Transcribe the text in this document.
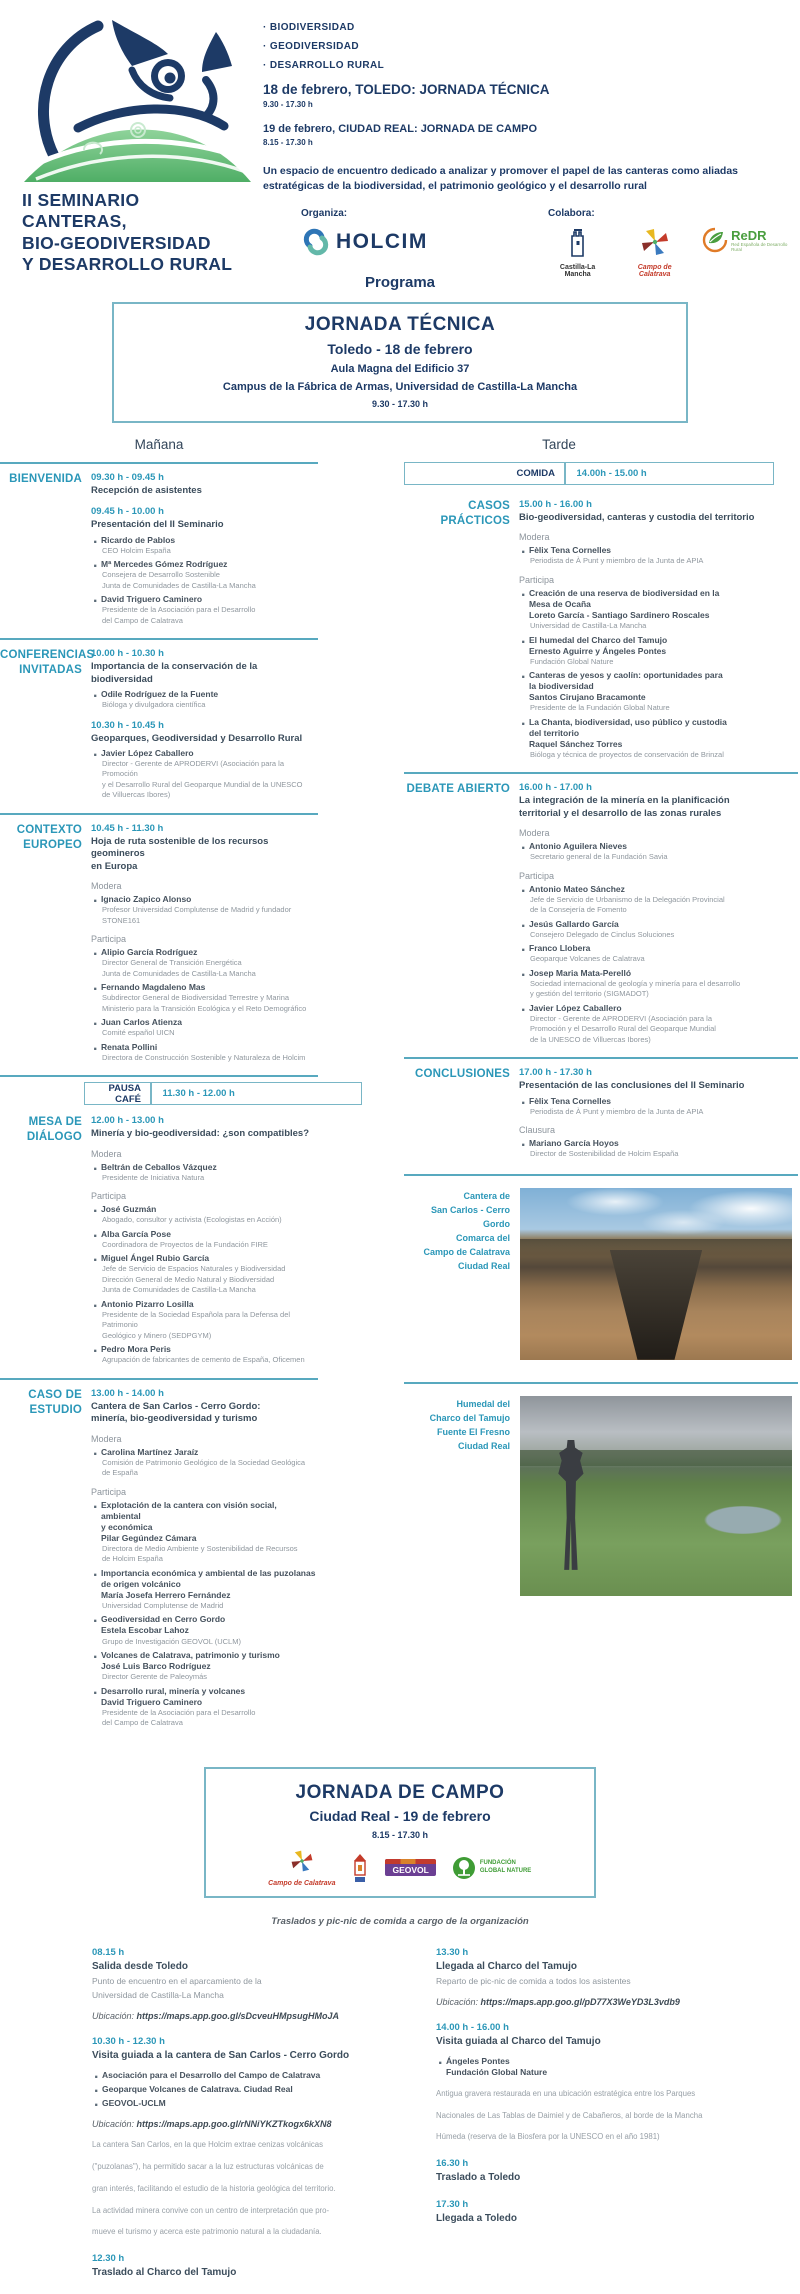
II SEMINARIO
CANTERAS,
BIO-GEODIVERSIDAD
Y DESARROLLO RURAL
· BIODIVERSIDAD
· GEODIVERSIDAD
· DESARROLLO RURAL
18 de febrero, TOLEDO: JORNADA TÉCNICA
9.30 - 17.30 h
19 de febrero, CIUDAD REAL: JORNADA DE CAMPO
8.15 - 17.30 h
Un espacio de encuentro dedicado a analizar y promover el papel de las canteras como aliadas estratégicas de la biodiversidad, el patrimonio geológico y el desarrollo rural
Organiza:
HOLCIM
Colabora:
Castilla-La Mancha
Campo de Calatrava
ReDR
Red Española de Desarrollo Rural
Programa
JORNADA TÉCNICA
Toledo - 18 de febrero
Aula Magna del Edificio 37
Campus de la Fábrica de Armas, Universidad de Castilla-La Mancha
9.30 - 17.30 h
Mañana	Tarde
BIENVENIDA 09.30 h - 09.45 h
Recepción de asistentes
09.45 h - 10.00 h
Presentación del II Seminario
· Ricardo de Pablos
CEO Holcim España
· Mª Mercedes Gómez Rodríguez
Consejera de Desarrollo Sostenible
Junta de Comunidades de Castilla-La Mancha
· David Triguero Caminero
Presidente de la Asociación para el Desarrollo
del Campo de Calatrava
CONFERENCIAS INVITADAS
10.00 h - 10.30 h
Importancia de la conservación de la biodiversidad
· Odile Rodríguez de la Fuente
Bióloga y divulgadora científica
10.30 h - 10.45 h
Geoparques, Geodiversidad y Desarrollo Rural
· Javier López Caballero
Director - Gerente de APRODERVI (Asociación para la Promoción
y el Desarrollo Rural del Geoparque Mundial de la UNESCO
de Villuercas Ibores)
CONTEXTO EUROPEO
10.45 h - 11.30 h
Hoja de ruta sostenible de los recursos geomineros
en Europa
Modera
· Ignacio Zapico Alonso
Profesor Universidad Complutense de Madrid y fundador STONE161
Participa
· Alipio García Rodríguez
Director General de Transición Energética
Junta de Comunidades de Castilla-La Mancha
· Fernando Magdaleno Mas
Subdirector General de Biodiversidad Terrestre y Marina
Ministerio para la Transición Ecológica y el Reto Demográfico
· Juan Carlos Atienza
Comité español UICN
· Renata Pollini
Directora de Construcción Sostenible y Naturaleza de Holcim
PAUSA CAFÉ	11.30 h - 12.00 h
MESA DE DIÁLOGO
12.00 h - 13.00 h
Minería y bio-geodiversidad: ¿son compatibles?
Modera
· Beltrán de Ceballos Vázquez
Presidente de Iniciativa Natura
Participa
· José Guzmán
Abogado, consultor y activista (Ecologistas en Acción)
· Alba García Pose
Coordinadora de Proyectos de la Fundación FIRE
· Miguel Ángel Rubio García
Jefe de Servicio de Espacios Naturales y Biodiversidad
Dirección General de Medio Natural y Biodiversidad
Junta de Comunidades de Castilla-La Mancha
· Antonio Pizarro Losilla
Presidente de la Sociedad Española para la Defensa del Patrimonio
Geológico y Minero (SEDPGYM)
· Pedro Mora Peris
Agrupación de fabricantes de cemento de España, Oficemen
CASO DE ESTUDIO
13.00 h - 14.00 h
Cantera de San Carlos - Cerro Gordo:
minería, bio-geodiversidad y turismo
Modera
· Carolina Martínez Jaraíz
Comisión de Patrimonio Geológico de la Sociedad Geológica
de España
Participa
· Explotación de la cantera con visión social, ambiental
y económica
Pilar Gegúndez Cámara
Directora de Medio Ambiente y Sostenibilidad de Recursos
de Holcim España
· Importancia económica y ambiental de las puzolanas
de origen volcánico
María Josefa Herrero Fernández
Universidad Complutense de Madrid
· Geodiversidad en Cerro Gordo
Estela Escobar Lahoz
Grupo de Investigación GEOVOL (UCLM)
· Volcanes de Calatrava, patrimonio y turismo
José Luis Barco Rodríguez
Director Gerente de Paleoymás
· Desarrollo rural, minería y volcanes
David Triguero Caminero
Presidente de la Asociación para el Desarrollo
del Campo de Calatrava
COMIDA	14.00h - 15.00 h
CASOS PRÁCTICOS
15.00 h - 16.00 h
Bio-geodiversidad, canteras y custodia del territorio
Modera
· Fèlix Tena Cornelles
Periodista de À Punt y miembro de la Junta de APIA
Participa
· Creación de una reserva de biodiversidad en la
Mesa de Ocaña
Loreto García - Santiago Sardinero Roscales
Universidad de Castilla-La Mancha
· El humedal del Charco del Tamujo
Ernesto Aguirre y Ángeles Pontes
Fundación Global Nature
· Canteras de yesos y caolín: oportunidades para
la biodiversidad
Santos Cirujano Bracamonte
Presidente de la Fundación Global Nature
· La Chanta, biodiversidad, uso público y custodia
del territorio
Raquel Sánchez Torres
Bióloga y técnica de proyectos de conservación de Brinzal
DEBATE ABIERTO 16.00 h - 17.00 h
La integración de la minería en la planificación
territorial y el desarrollo de las zonas rurales
Modera
· Antonio Aguilera Nieves
Secretario general de la Fundación Savia
Participa
· Antonio Mateo Sánchez
Jefe de Servicio de Urbanismo de la Delegación Provincial
de la Consejería de Fomento
· Jesús Gallardo García
Consejero Delegado de Cinclus Soluciones
· Franco Llobera
Geoparque Volcanes de Calatrava
· Josep Maria Mata-Perelló
Sociedad internacional de geología y minería para el desarrollo
y gestión del territorio (SIGMADOT)
· Javier López Caballero
Director - Gerente de APRODERVI (Asociación para la
Promoción y el Desarrollo Rural del Geoparque Mundial
de la UNESCO de Villuercas Ibores)
CONCLUSIONES 17.00 h - 17.30 h
Presentación de las conclusiones del II Seminario
· Fèlix Tena Cornelles
Periodista de À Punt y miembro de la Junta de APIA
Clausura
· Mariano García Hoyos
Director de Sostenibilidad de Holcim España
Cantera de
San Carlos - Cerro Gordo
Comarca del
Campo de Calatrava
Ciudad Real
Humedal del
Charco del Tamujo
Fuente El Fresno
Ciudad Real
JORNADA DE CAMPO
Ciudad Real - 19 de febrero
8.15 - 17.30 h
Campo de Calatrava
GEOVOL
FUNDACIÓN GLOBAL NATURE
Traslados y pic-nic de comida a cargo de la organización
08.15 h
Salida desde Toledo
Punto de encuentro en el aparcamiento de la
Universidad de Castilla-La Mancha
Ubicación: https://maps.app.goo.gl/sDcveuHMpsugHMoJA
10.30 h - 12.30 h
Visita guiada a la cantera de San Carlos - Cerro Gordo
· Asociación para el Desarrollo del Campo de Calatrava
· Geoparque Volcanes de Calatrava. Ciudad Real
· GEOVOL-UCLM
Ubicación: https://maps.app.goo.gl/rNNiYKZTkogx6kXN8
La cantera San Carlos, en la que Holcim extrae cenizas volcánicas
("puzolanas"), ha permitido sacar a la luz estructuras volcánicas de
gran interés, facilitando el estudio de la historia geológica del territorio.
La actividad minera convive con un centro de interpretación que pro-
mueve el turismo y acerca este patrimonio natural a la ciudadanía.
12.30 h
Traslado al Charco del Tamujo
13.30 h
Llegada al Charco del Tamujo
Reparto de pic-nic de comida a todos los asistentes
Ubicación: https://maps.app.goo.gl/pD77X3WeYD3L3vdb9
14.00 h - 16.00 h
Visita guiada al Charco del Tamujo
· Ángeles Pontes
Fundación Global Nature
Antigua gravera restaurada en una ubicación estratégica entre los Parques
Nacionales de Las Tablas de Daimiel y de Cabañeros, al borde de la Mancha
Húmeda (reserva de la Biosfera por la UNESCO en el año 1981)
16.30 h
Traslado a Toledo
17.30 h
Llegada a Toledo
